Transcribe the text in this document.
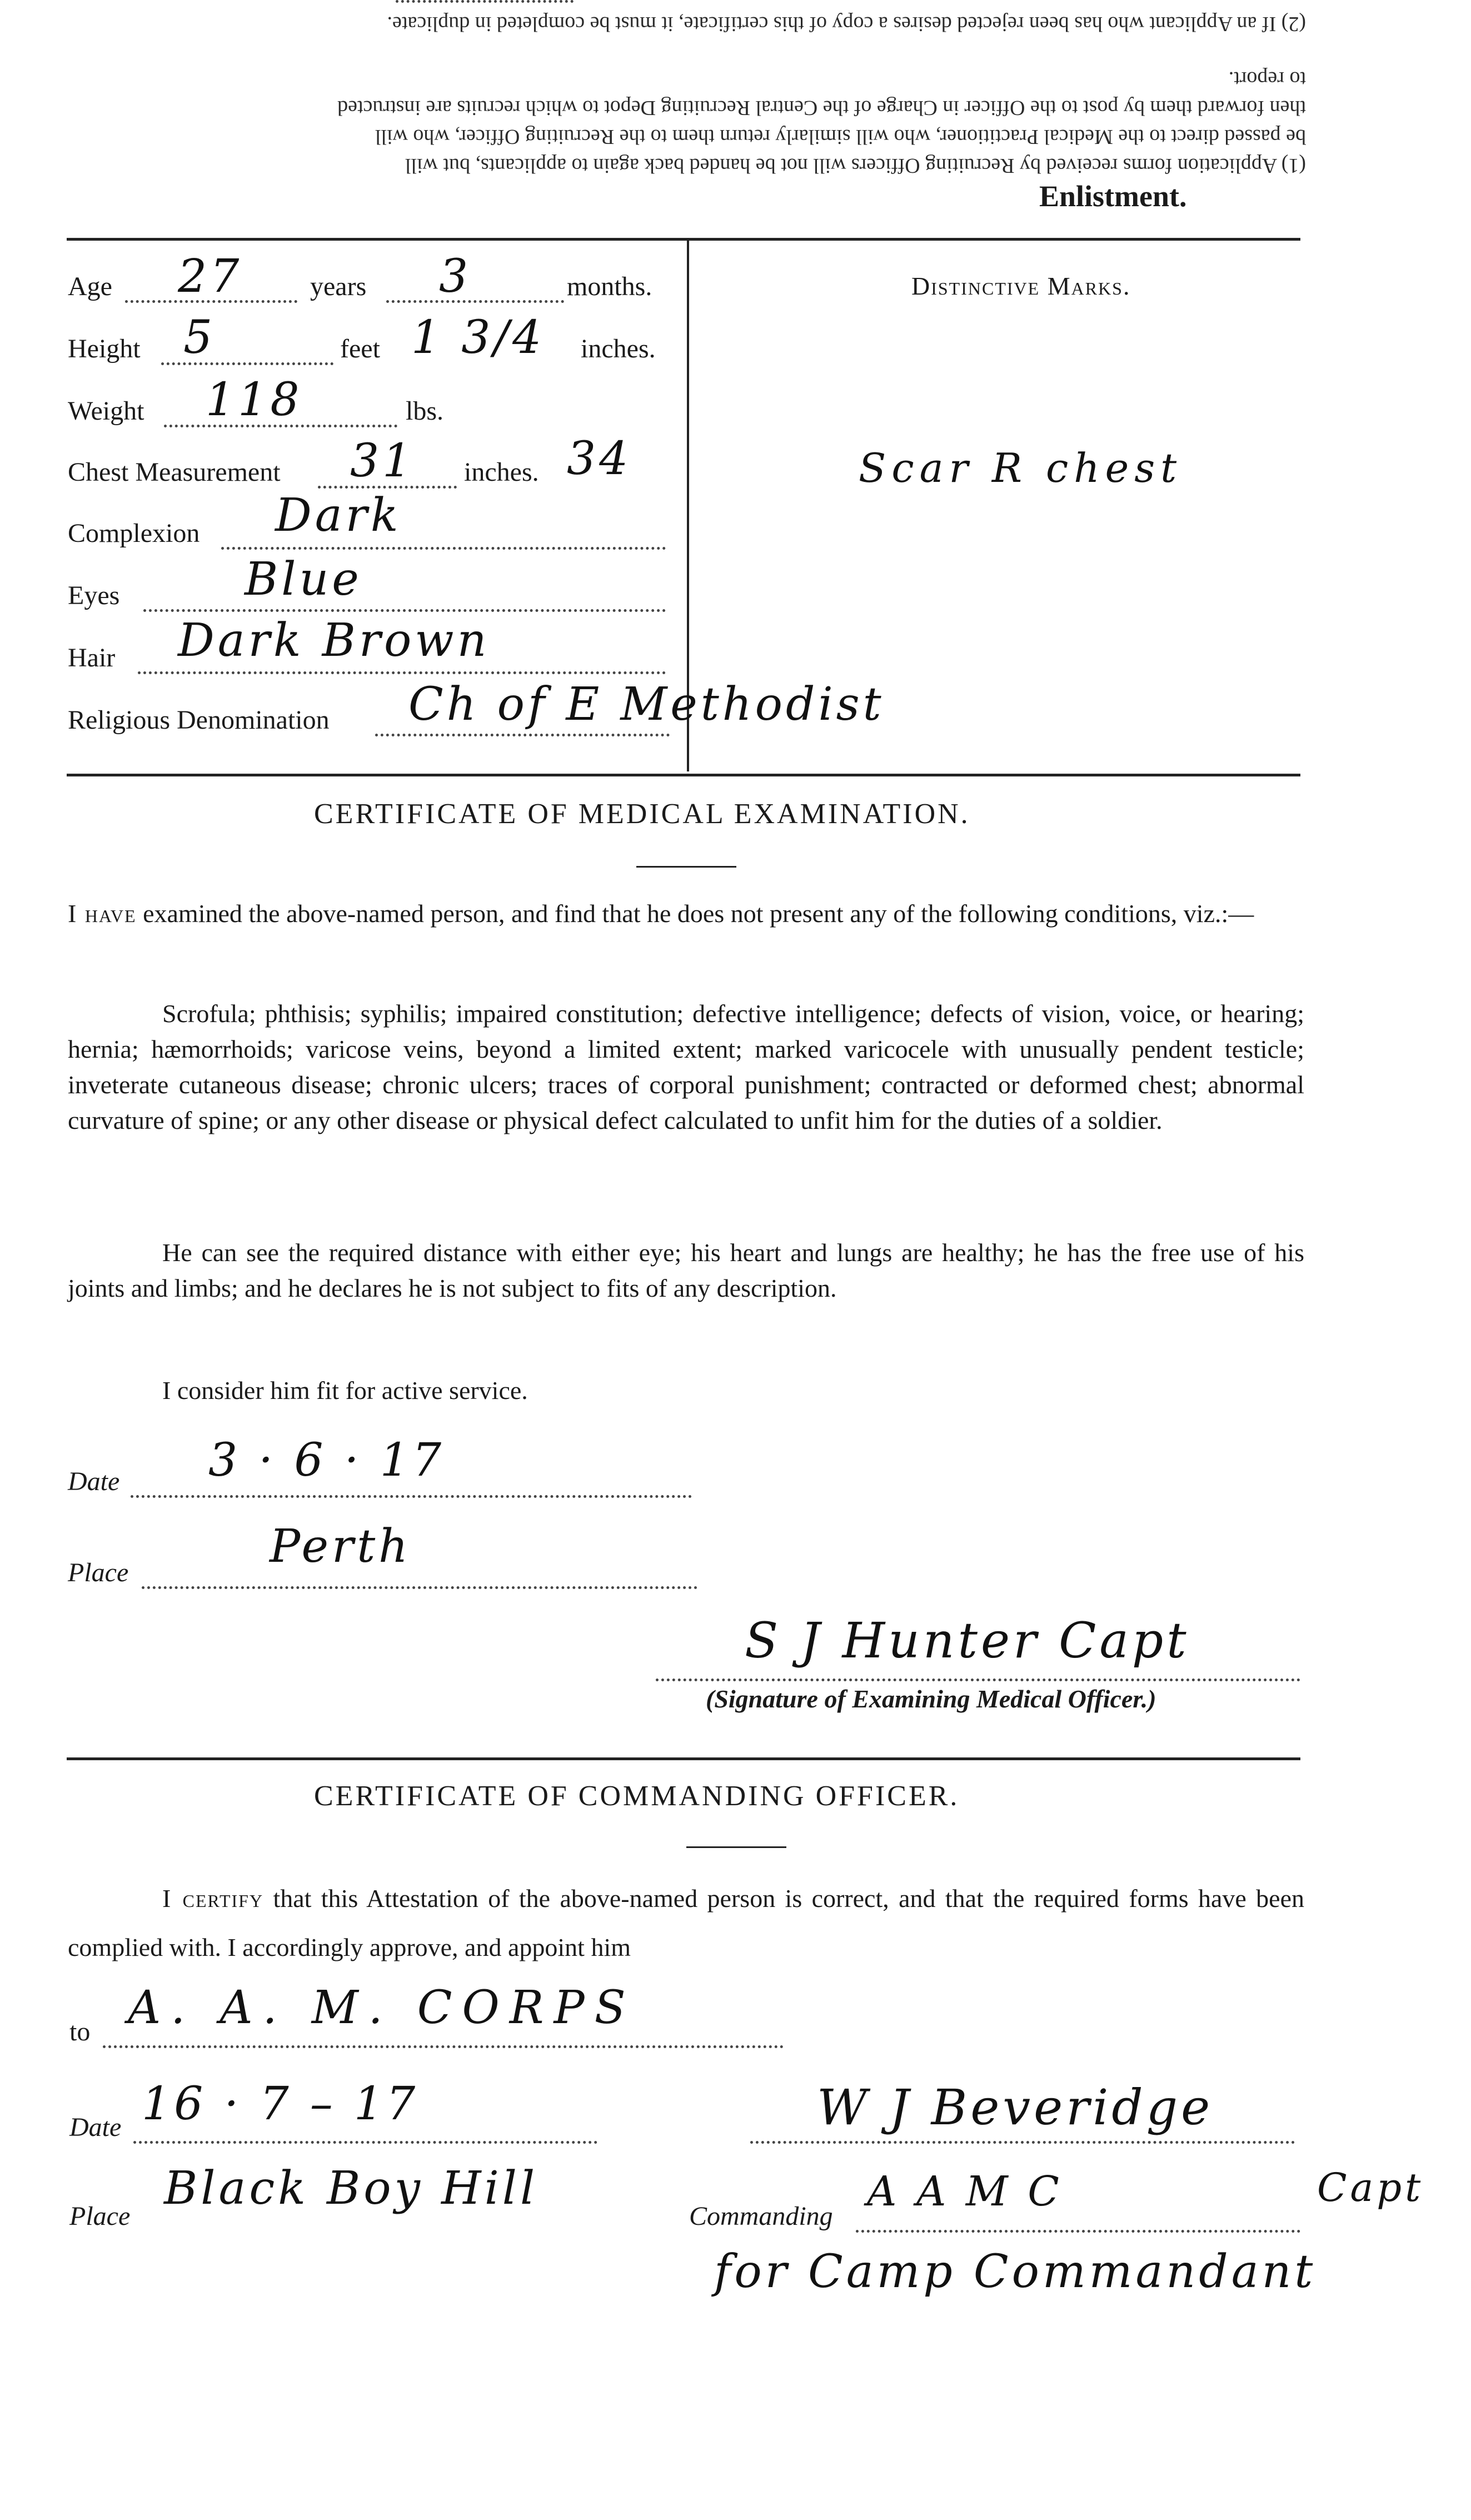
(2) If an Applicant who has been rejected desires a copy of this certificate, it must be completed in duplicate.
(1) Application forms received by Recruiting Officers will not be handed back again to applicants, but will
be passed direct to the Medical Practitioner, who will similarly return them to the Recruiting Officer, who will
then forward them by post to the Officer in Charge of the Central Recruiting Depot to which recruits are instructed
to report.
Enlistment.
Age 27	years 3	months.
Height 5	feet 1 3/4 inches.
Weight 118	lbs.
Chest Measurement 31 inches. 34
Complexion Dark
Eyes	Blue
Hair Dark Brown
Religious Denomination Ch of E Methodist
Distinctive Marks.
Scar R chest
CERTIFICATE OF MEDICAL EXAMINATION.
I have examined the above-named person, and find that he does not present any of the following conditions, viz.:—
Scrofula; phthisis; syphilis; impaired constitution; defective intelligence; defects of vision, voice, or hearing; hernia; hæmorrhoids; varicose veins, beyond a limited extent; marked varicocele with unusually pendent testicle; inveterate cutaneous disease; chronic ulcers; traces of corporal punishment; contracted or deformed chest; abnormal curvature of spine; or any other disease or physical defect calculated to unfit him for the duties of a soldier.
He can see the required distance with either eye; his heart and lungs are healthy; he has the free use of his joints and limbs; and he declares he is not subject to fits of any description.
I consider him fit for active service.
Date 3 · 6 · 17
Place	Perth
S J Hunter Capt
(Signature of Examining Medical Officer.)
CERTIFICATE OF COMMANDING OFFICER.
I certify that this Attestation of the above-named person is correct, and that the required forms have been complied with. I accordingly approve, and appoint him
to A. A. M. CORPS
Date 16 · 7 – 17
Place
Black Boy Hill
W J Beveridge
Commanding
A A M C	Capt
for Camp Commandant
